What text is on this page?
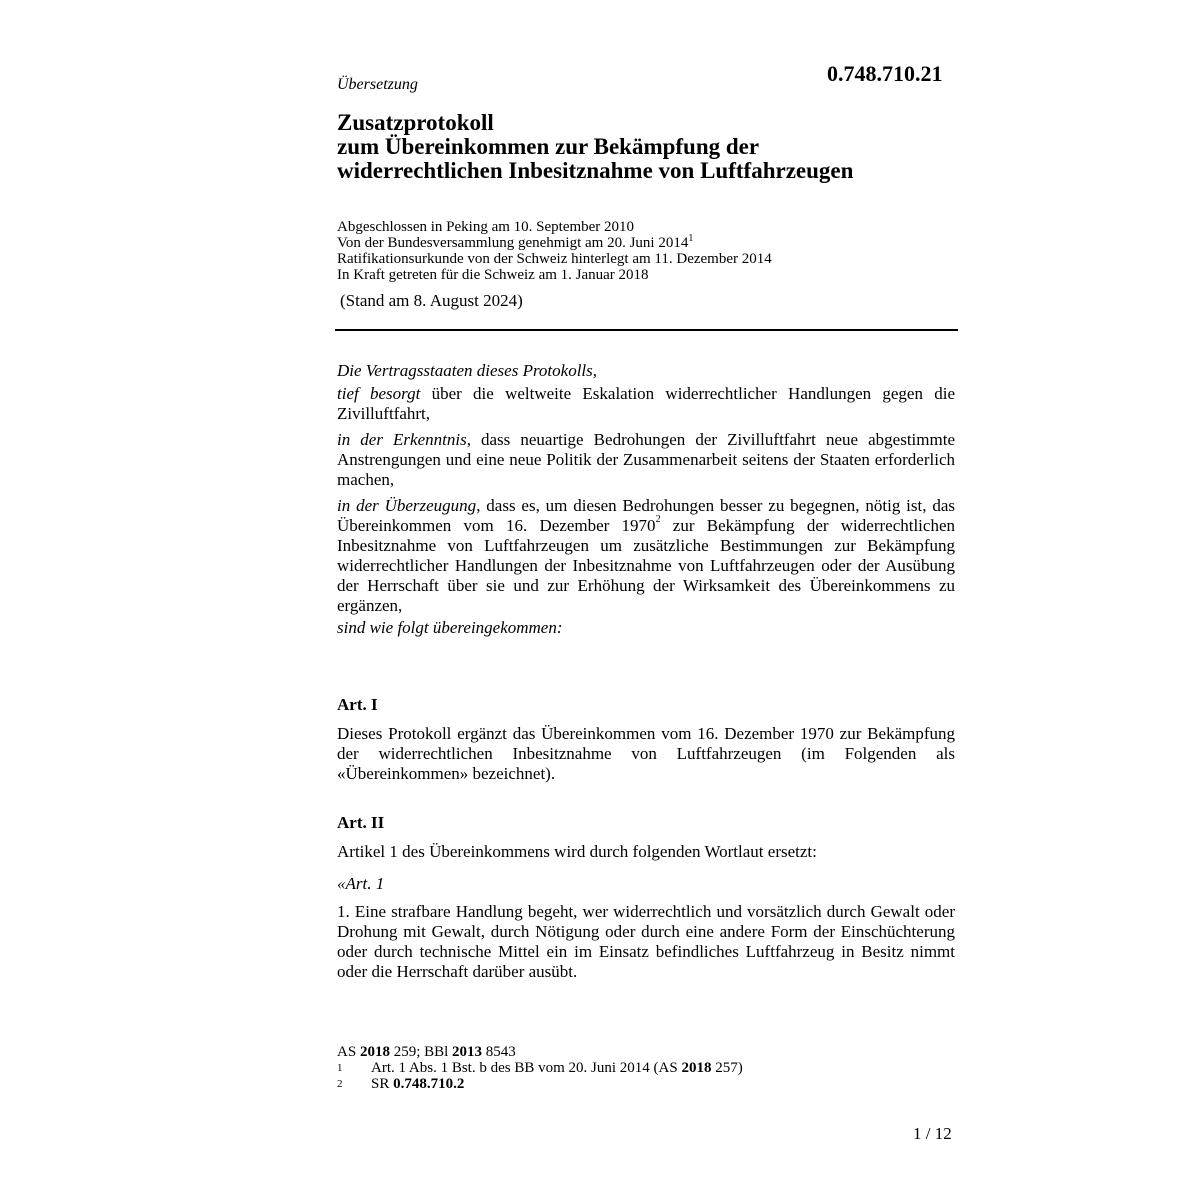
Übersetzung	0.748.710.21
Zusatzprotokoll
zum Übereinkommen zur Bekämpfung der
widerrechtlichen Inbesitznahme von Luftfahrzeugen
Abgeschlossen in Peking am 10. September 2010
Von der Bundesversammlung genehmigt am 20. Juni 2014$^1$
Ratifikationsurkunde von der Schweiz hinterlegt am 11. Dezember 2014
In Kraft getreten für die Schweiz am 1. Januar 2018
(Stand am 8. August 2024)
Die Vertragsstaaten dieses Protokolls,
tief besorgt über die weltweite Eskalation widerrechtlicher Handlungen gegen die Zivilluftfahrt,
in der Erkenntnis, dass neuartige Bedrohungen der Zivilluftfahrt neue abgestimmte Anstrengungen und eine neue Politik der Zusammenarbeit seitens der Staaten erforderlich machen,
in der Überzeugung, dass es, um diesen Bedrohungen besser zu begegnen, nötig ist, das Übereinkommen vom 16. Dezember 1970$^2$ zur Bekämpfung der widerrechtlichen Inbesitznahme von Luftfahrzeugen um zusätzliche Bestimmungen zur Bekämpfung widerrechtlicher Handlungen der Inbesitznahme von Luftfahrzeugen oder der Ausübung der Herrschaft über sie und zur Erhöhung der Wirksamkeit des Übereinkommens zu ergänzen,
sind wie folgt übereingekommen:
Art. I
Dieses Protokoll ergänzt das Übereinkommen vom 16. Dezember 1970 zur Bekämpfung der widerrechtlichen Inbesitznahme von Luftfahrzeugen (im Folgenden als «Übereinkommen» bezeichnet).
Art. II
Artikel 1 des Übereinkommens wird durch folgenden Wortlaut ersetzt:
«Art. 1
1. Eine strafbare Handlung begeht, wer widerrechtlich und vorsätzlich durch Gewalt oder Drohung mit Gewalt, durch Nötigung oder durch eine andere Form der Einschüchterung oder durch technische Mittel ein im Einsatz befindliches Luftfahrzeug in Besitz nimmt oder die Herrschaft darüber ausübt.
AS 2018 259; BBl 2013 8543
1	Art. 1 Abs. 1 Bst. b des BB vom 20. Juni 2014 (AS 2018 257)
2	SR 0.748.710.2
1 / 12
